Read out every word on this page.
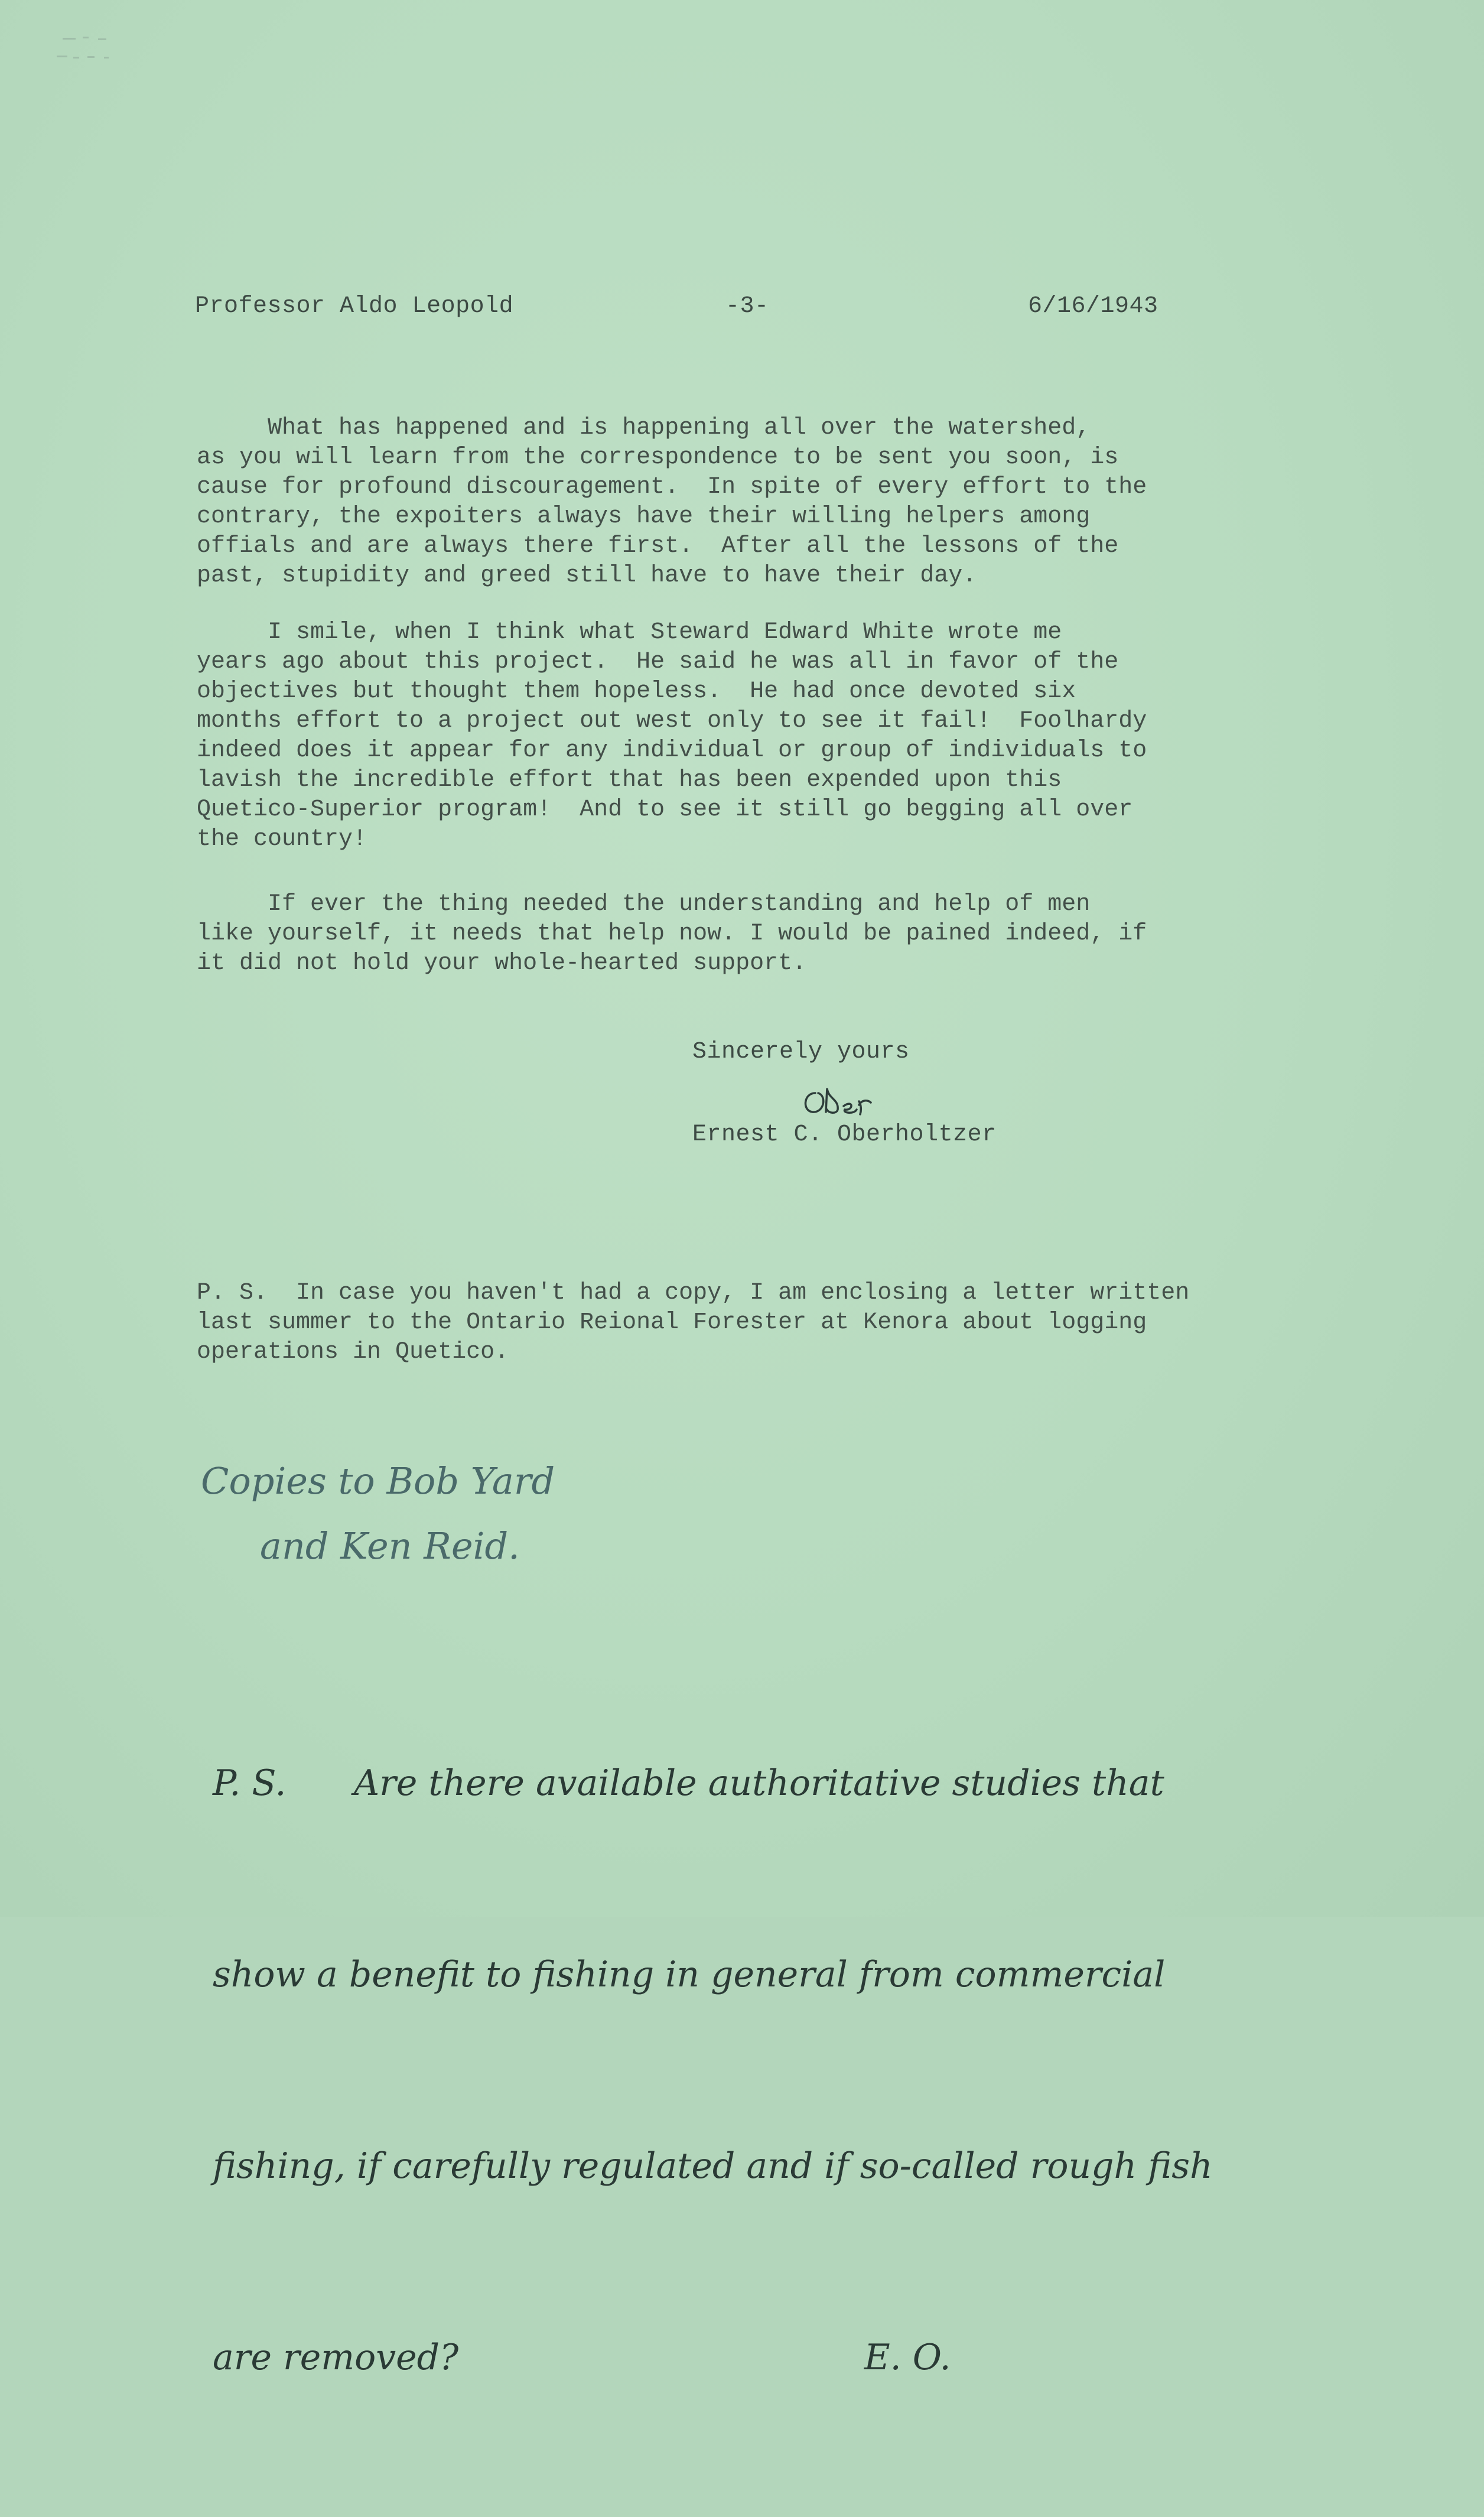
Professor Aldo Leopold	-3-	6/16/1943
What has happened and is happening all over the watershed,
as you will learn from the correspondence to be sent you soon, is
cause for profound discouragement.  In spite of every effort to the
contrary, the expoiters always have their willing helpers among
offials and are always there first.  After all the lessons of the
past, stupidity and greed still have to have their day.
I smile, when I think what Steward Edward White wrote me
years ago about this project.  He said he was all in favor of the
objectives but thought them hopeless.  He had once devoted six
months effort to a project out west only to see it fail!  Foolhardy
indeed does it appear for any individual or group of individuals to
lavish the incredible effort that has been expended upon this
Quetico-Superior program!  And to see it still go begging all over
the country!
If ever the thing needed the understanding and help of men
like yourself, it needs that help now. I would be pained indeed, if
it did not hold your whole-hearted support.
Sincerely yours
Ernest C. Oberholtzer
P. S.  In case you haven't had a copy, I am enclosing a letter written
last summer to the Ontario Reional Forester at Kenora about logging
operations in Quetico.
Copies to Bob Yard
and Ken Reid.

P. S.      Are there available authoritative studies that

show a benefit to fishing in general from commercial

fishing, if carefully regulated and if so-called rough fish

are removed?                                    E. O.
